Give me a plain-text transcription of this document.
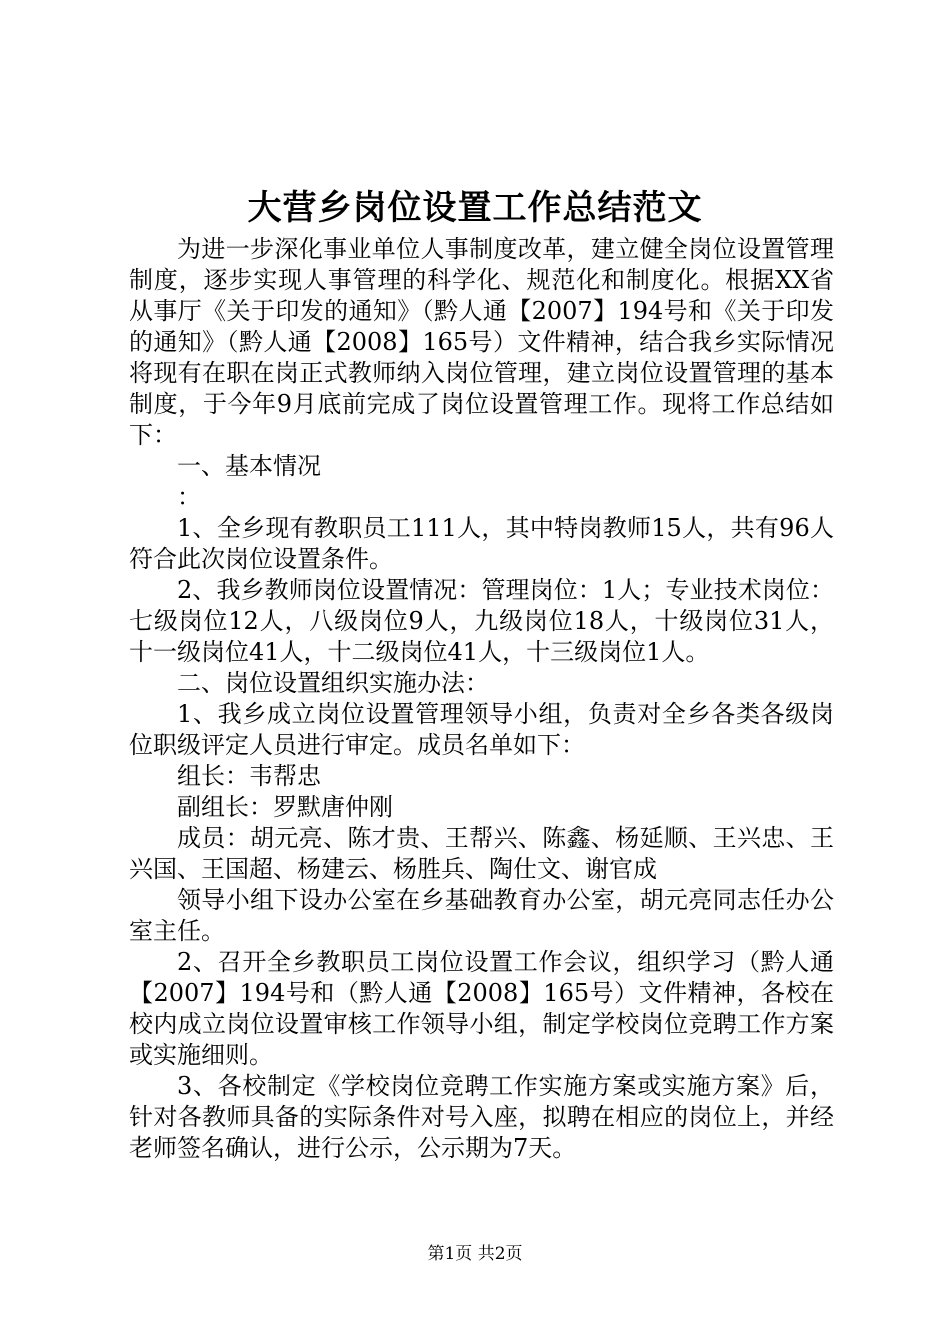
大营乡岗位设置工作总结范文

为进一步深化事业单位人事制度改革，建立健全岗位设置管理制度，逐步实现人事管理的科学化、规范化和制度化。根据XX省从事厅《关于印发的通知》（黔人通【2007】194号和《关于印发的通知》（黔人通【2008】165号）文件精神，结合我乡实际情况将现有在职在岗正式教师纳入岗位管理，建立岗位设置管理的基本制度，于今年9月底前完成了岗位设置管理工作。现将工作总结如下：

一、基本情况

：

1、全乡现有教职员工111人，其中特岗教师15人，共有96人符合此次岗位设置条件。

2、我乡教师岗位设置情况：管理岗位：1人；专业技术岗位：七级岗位12人，八级岗位9人，九级岗位18人，十级岗位31人，十一级岗位41人，十二级岗位41人，十三级岗位1人。

二、岗位设置组织实施办法：

1、我乡成立岗位设置管理领导小组，负责对全乡各类各级岗位职级评定人员进行审定。成员名单如下：

组长：韦帮忠

副组长：罗默唐仲刚

成员：胡元亮、陈才贵、王帮兴、陈鑫、杨延顺、王兴忠、王兴国、王国超、杨建云、杨胜兵、陶仕文、谢官成

领导小组下设办公室在乡基础教育办公室，胡元亮同志任办公室主任。

2、召开全乡教职员工岗位设置工作会议，组织学习（黔人通【2007】194号和（黔人通【2008】165号）文件精神，各校在校内成立岗位设置审核工作领导小组，制定学校岗位竞聘工作方案或实施细则。

3、各校制定《学校岗位竞聘工作实施方案或实施方案》后，针对各教师具备的实际条件对号入座，拟聘在相应的岗位上，并经老师签名确认，进行公示，公示期为7天。

第1页 共2页
